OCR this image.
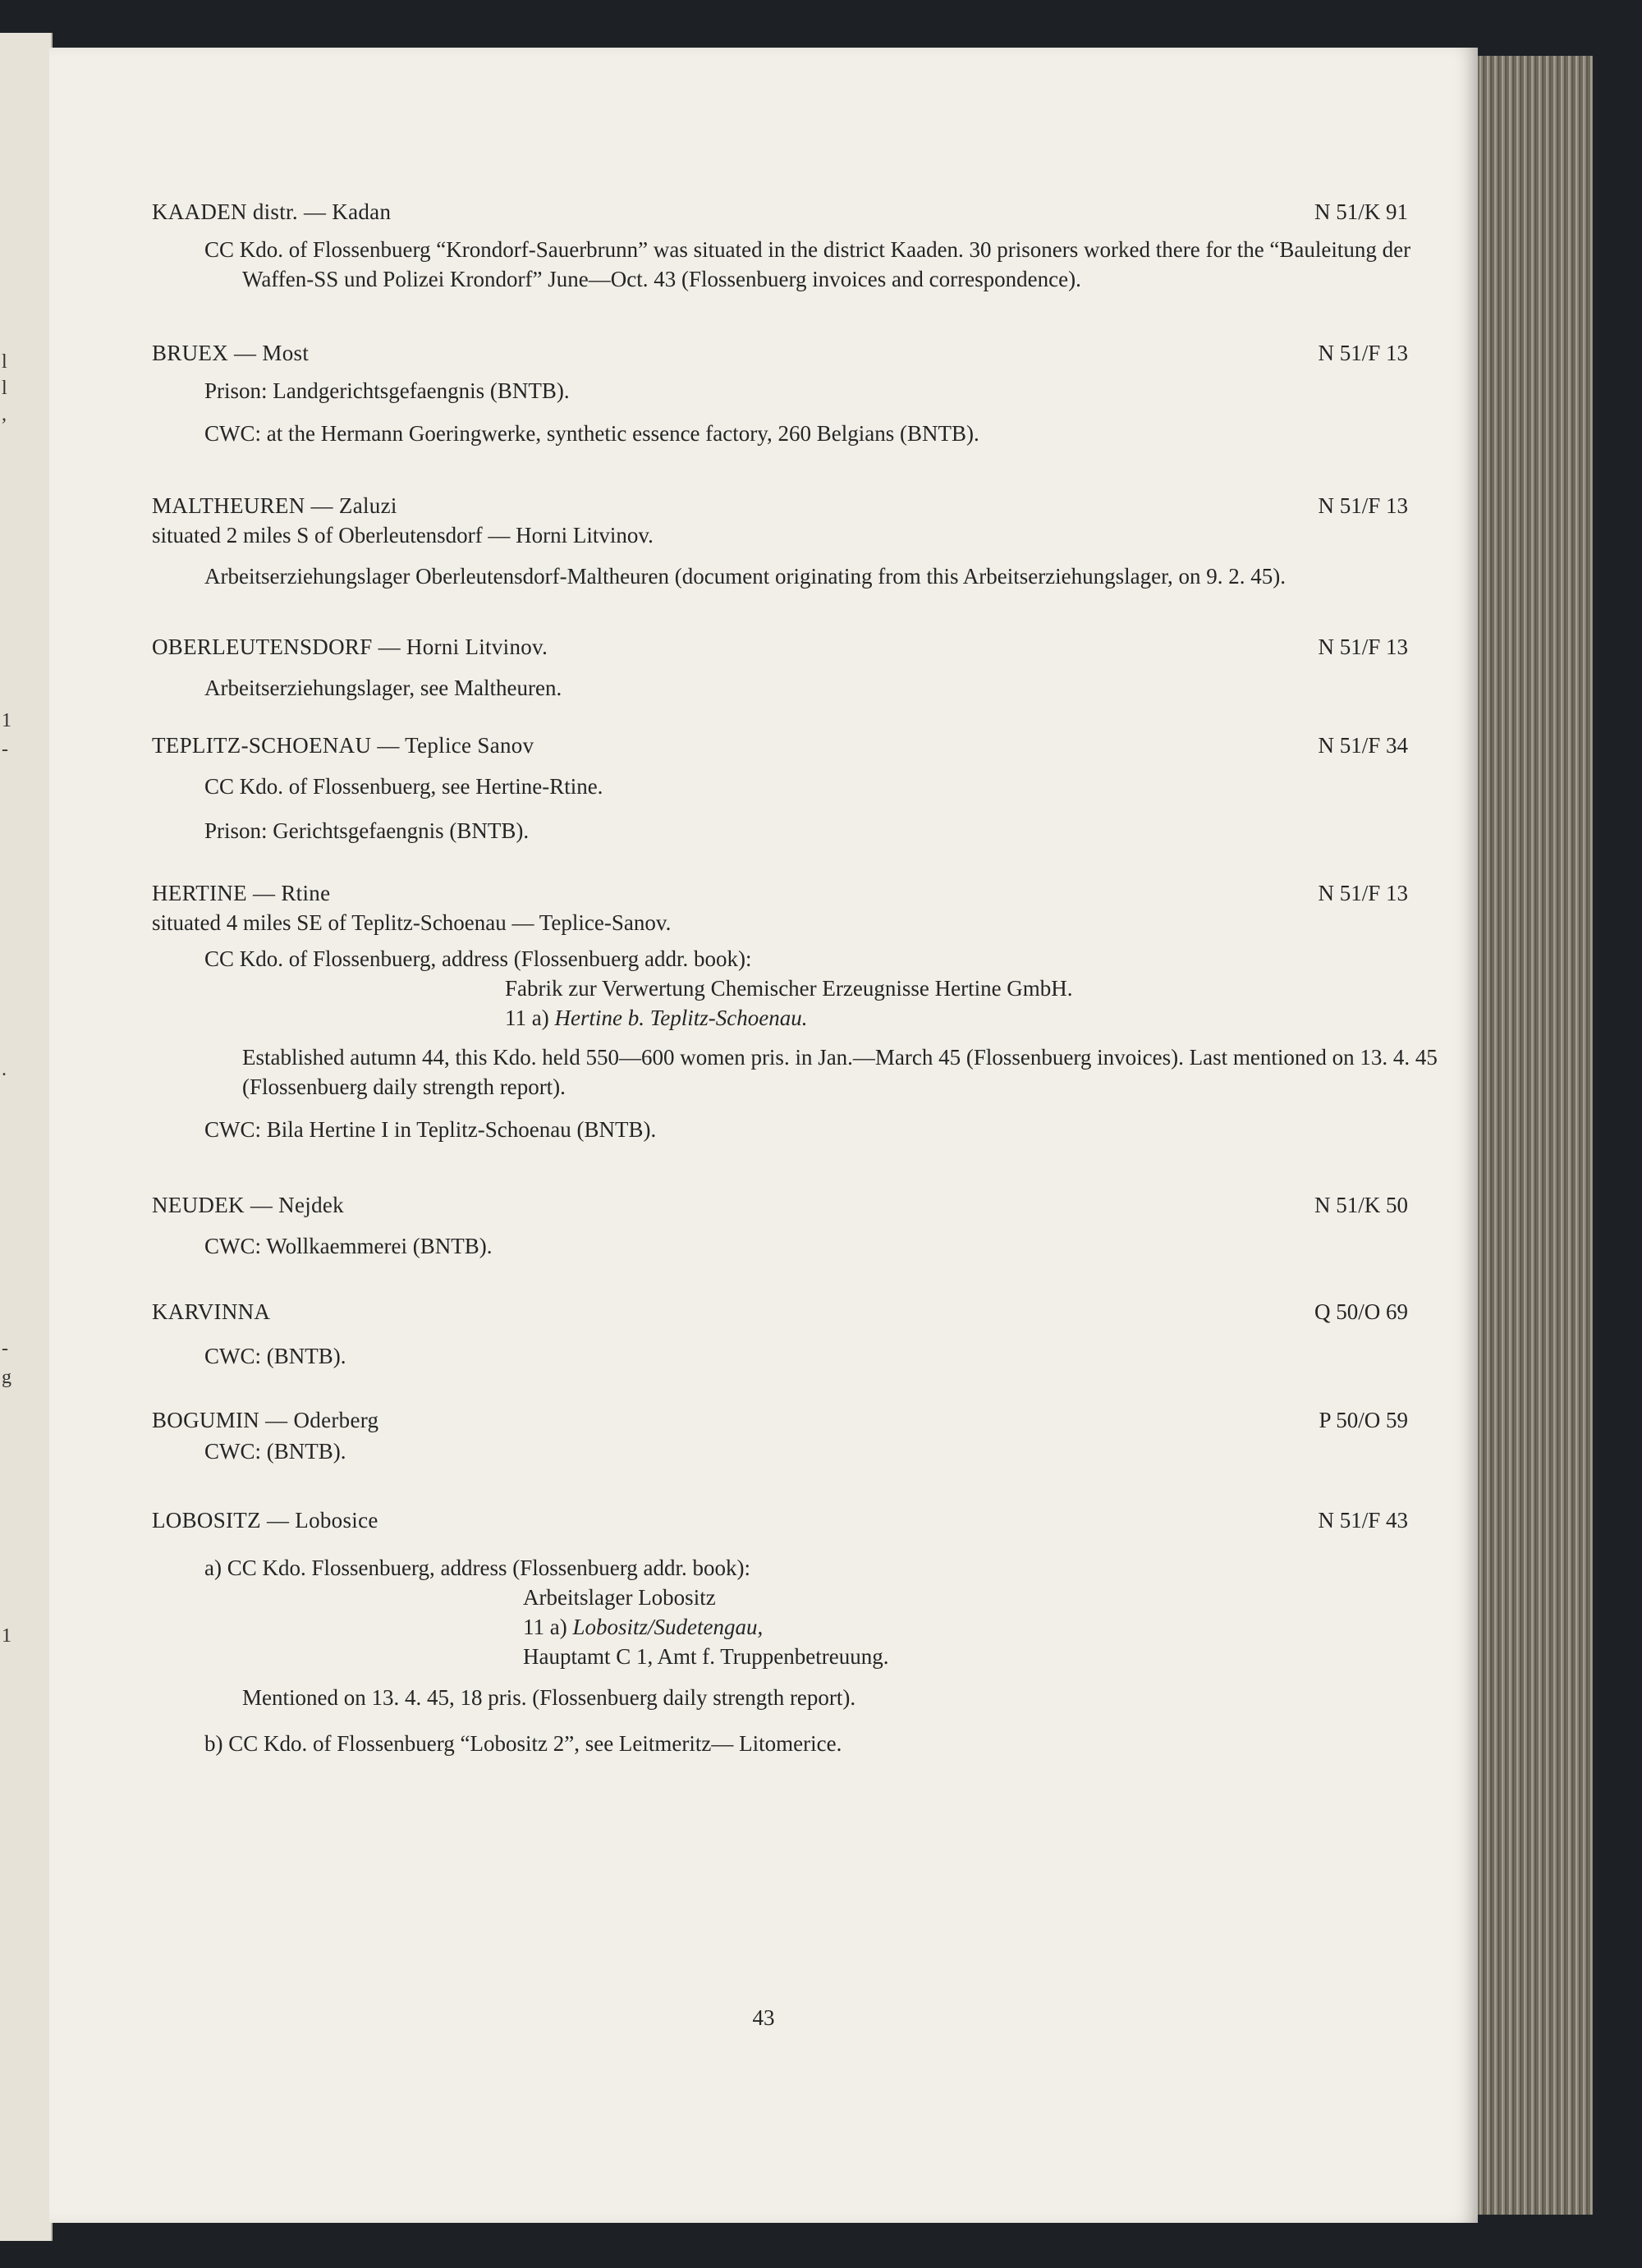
l
l
,
1
-
.
-
g
1
KAADEN distr. — Kadan	N 51/K 91

CC Kdo. of Flossenbuerg “Krondorf-Sauerbrunn” was situated in the district Kaaden. 30 prisoners worked there for the “Bauleitung der Waffen-SS und Polizei Krondorf” June—Oct. 43 (Flossenbuerg invoices and correspondence).

BRUEX — Most	N 51/F 13

Prison: Landgerichtsgefaengnis (BNTB).

CWC: at the Hermann Goeringwerke, synthetic essence factory, 260 Belgians (BNTB).

MALTHEUREN — Zaluzi	N 51/F 13

situated 2 miles S of Oberleutensdorf — Horni Litvinov.

Arbeitserziehungslager Oberleutensdorf-Maltheuren (document originating from this Arbeitserziehungslager, on 9. 2. 45).

OBERLEUTENSDORF — Horni Litvinov.	N 51/F 13

Arbeitserziehungslager, see Maltheuren.

TEPLITZ-SCHOENAU — Teplice Sanov	N 51/F 34

CC Kdo. of Flossenbuerg, see Hertine-Rtine.

Prison: Gerichtsgefaengnis (BNTB).

HERTINE — Rtine	N 51/F 13

situated 4 miles SE of Teplitz-Schoenau — Teplice-Sanov.

CC Kdo. of Flossenbuerg, address (Flossenbuerg addr. book):

Fabrik zur Verwertung Chemischer Erzeugnisse Hertine GmbH.

11 a) Hertine b. Teplitz-Schoenau.

Established autumn 44, this Kdo. held 550—600 women pris. in Jan.—March 45 (Flossenbuerg invoices). Last mentioned on 13. 4. 45 (Flossenbuerg daily strength report).

CWC: Bila Hertine I in Teplitz-Schoenau (BNTB).

NEUDEK — Nejdek	N 51/K 50

CWC: Wollkaemmerei (BNTB).

KARVINNA	Q 50/O 69

CWC: (BNTB).

BOGUMIN — Oderberg	P 50/O 59

CWC: (BNTB).

LOBOSITZ — Lobosice	N 51/F 43

a) CC Kdo. Flossenbuerg, address (Flossenbuerg addr. book):

Arbeitslager Lobositz

11 a) Lobositz/Sudetengau,

Hauptamt C 1, Amt f. Truppenbetreuung.

Mentioned on 13. 4. 45, 18 pris. (Flossenbuerg daily strength report).

b) CC Kdo. of Flossenbuerg “Lobositz 2”, see Leitmeritz— Litomerice.

43
